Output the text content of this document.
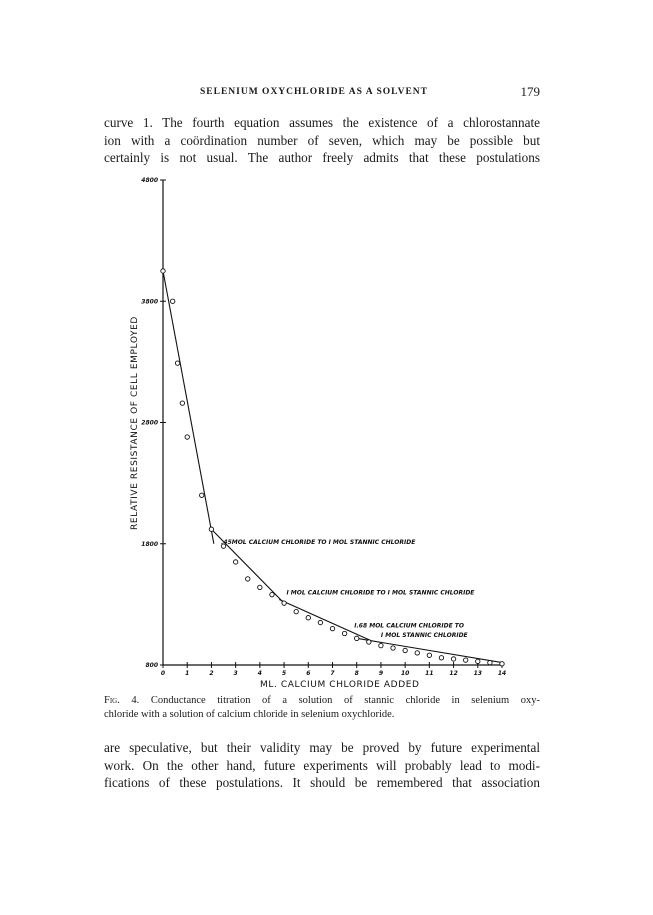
SELENIUM OXYCHLORIDE AS A SOLVENT	179

curve 1. The fourth equation assumes the existence of a chlorostannate
ion with a coördination number of seven, which may be possible but
certainly is not usual. The author freely admits that these postulations

800
1800
2800
3800
4800
0	1	2	3	4	5	6	7	8	9	10	11	12	13	14
ML. CALCIUM CHLORIDE ADDED
RELATIVE RESISTANCE OF CELL EMPLOYED
.45MOL CALCIUM CHLORIDE TO I MOL STANNIC CHLORIDE
I MOL CALCIUM CHLORIDE TO I MOL STANNIC CHLORIDE
I.68 MOL CALCIUM CHLORIDE TO
I MOL STANNIC CHLORIDE

Fig. 4. Conductance titration of a solution of stannic chloride in selenium oxy-
chloride with a solution of calcium chloride in selenium oxychloride.

are speculative, but their validity may be proved by future experimental
work. On the other hand, future experiments will probably lead to modi-
fications of these postulations. It should be remembered that association
